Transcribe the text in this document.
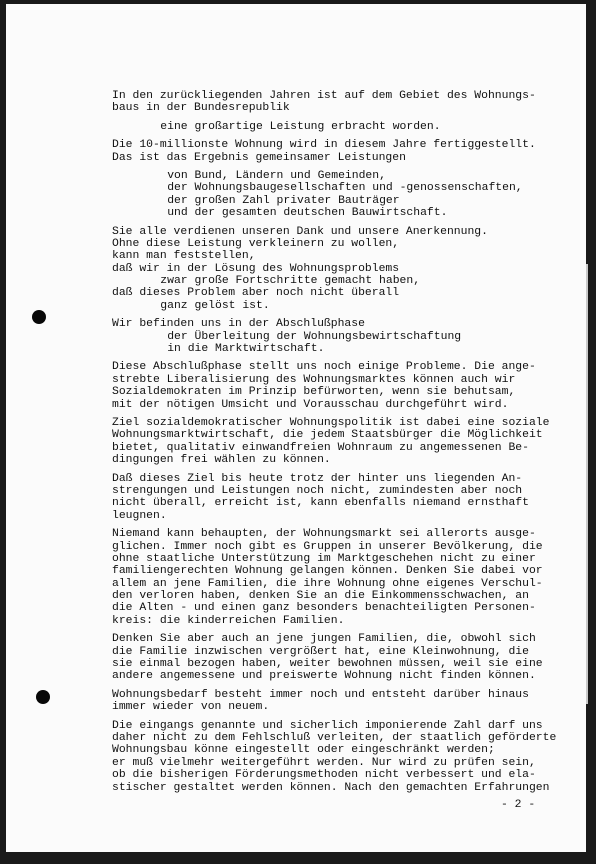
In den zurückliegenden Jahren ist auf dem Gebiet des Wohnungs-
baus in der Bundesrepublik
eine großartige Leistung erbracht worden.
Die 10-millionste Wohnung wird in diesem Jahre fertiggestellt.
Das ist das Ergebnis gemeinsamer Leistungen
von Bund, Ländern und Gemeinden,
der Wohnungsbaugesellschaften und -genossenschaften,
der großen Zahl privater Bauträger
und der gesamten deutschen Bauwirtschaft.
Sie alle verdienen unseren Dank und unsere Anerkennung.
Ohne diese Leistung verkleinern zu wollen,
kann man feststellen,
daß wir in der Lösung des Wohnungsproblems
zwar große Fortschritte gemacht haben,
daß dieses Problem aber noch nicht überall
ganz gelöst ist.
Wir befinden uns in der Abschlußphase
der Überleitung der Wohnungsbewirtschaftung
in die Marktwirtschaft.
Diese Abschlußphase stellt uns noch einige Probleme. Die ange-
strebte Liberalisierung des Wohnungsmarktes können auch wir
Sozialdemokraten im Prinzip befürworten, wenn sie behutsam,
mit der nötigen Umsicht und Vorausschau durchgeführt wird.
Ziel sozialdemokratischer Wohnungspolitik ist dabei eine soziale
Wohnungsmarktwirtschaft, die jedem Staatsbürger die Möglichkeit
bietet, qualitativ einwandfreien Wohnraum zu angemessenen Be-
dingungen frei wählen zu können.
Daß dieses Ziel bis heute trotz der hinter uns liegenden An-
strengungen und Leistungen noch nicht, zumindesten aber noch
nicht überall, erreicht ist, kann ebenfalls niemand ernsthaft
leugnen.
Niemand kann behaupten, der Wohnungsmarkt sei allerorts ausge-
glichen. Immer noch gibt es Gruppen in unserer Bevölkerung, die
ohne staatliche Unterstützung im Marktgeschehen nicht zu einer
familiengerechten Wohnung gelangen können. Denken Sie dabei vor
allem an jene Familien, die ihre Wohnung ohne eigenes Verschul-
den verloren haben, denken Sie an die Einkommensschwachen, an
die Alten - und einen ganz besonders benachteiligten Personen-
kreis: die kinderreichen Familien.
Denken Sie aber auch an jene jungen Familien, die, obwohl sich
die Familie inzwischen vergrößert hat, eine Kleinwohnung, die
sie einmal bezogen haben, weiter bewohnen müssen, weil sie eine
andere angemessene und preiswerte Wohnung nicht finden können.
Wohnungsbedarf besteht immer noch und entsteht darüber hinaus
immer wieder von neuem.
Die eingangs genannte und sicherlich imponierende Zahl darf uns
daher nicht zu dem Fehlschluß verleiten, der staatlich geförderte
Wohnungsbau könne eingestellt oder eingeschränkt werden;
er muß vielmehr weitergeführt werden. Nur wird zu prüfen sein,
ob die bisherigen Förderungsmethoden nicht verbessert und ela-
stischer gestaltet werden können. Nach den gemachten Erfahrungen
- 2 -
